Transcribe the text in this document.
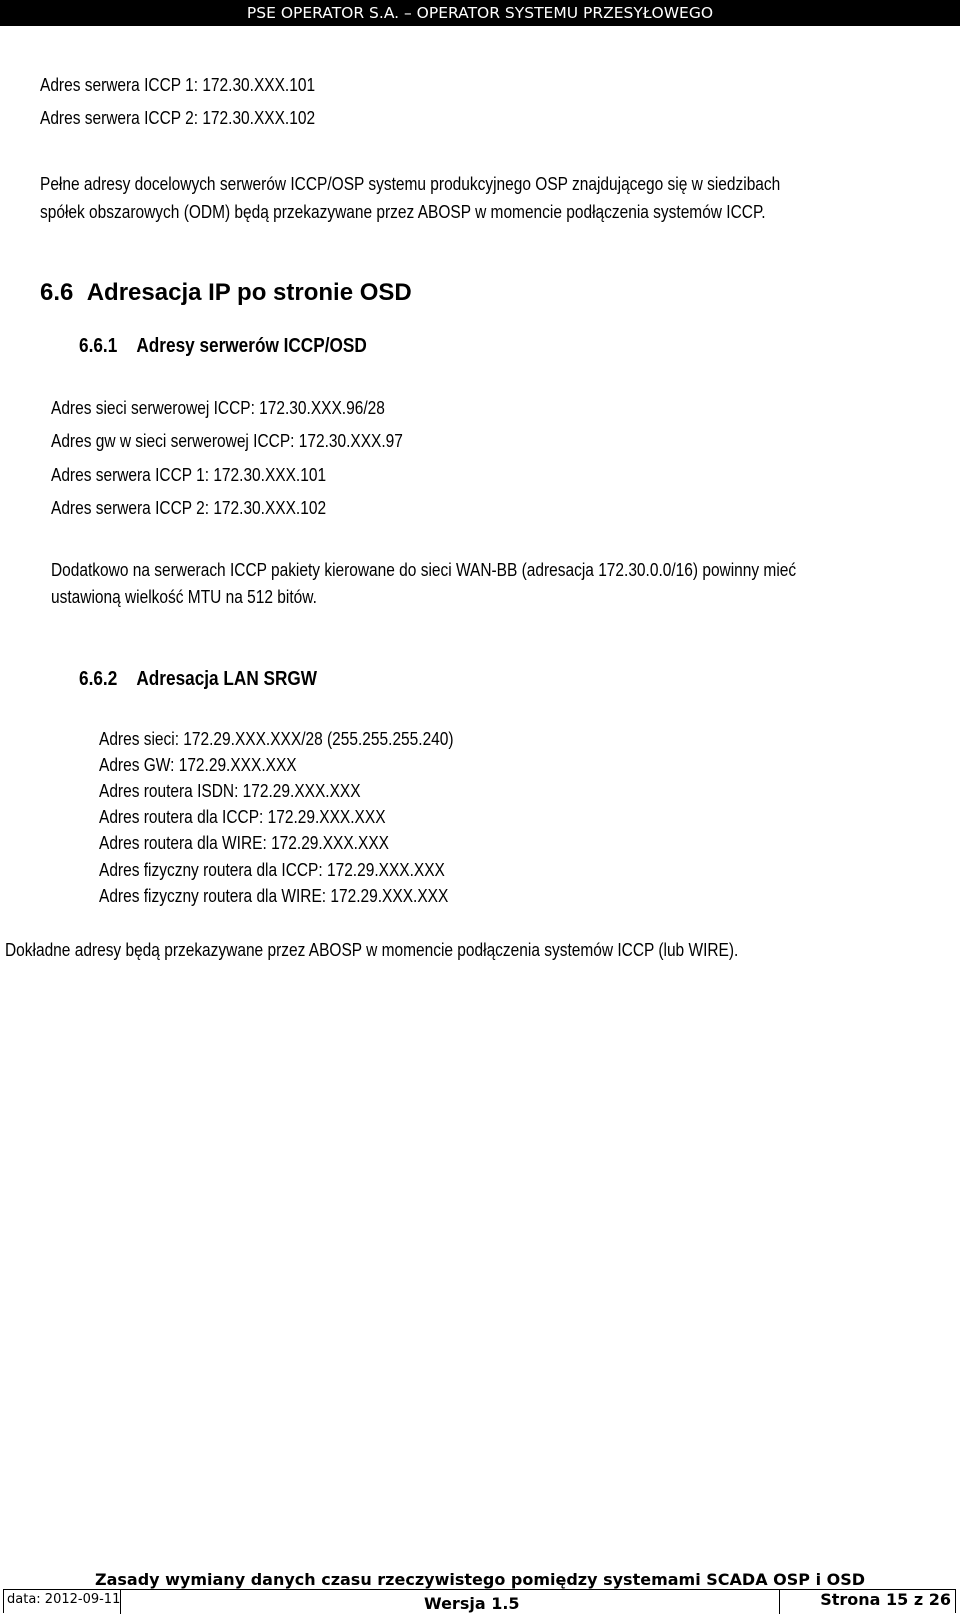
PSE OPERATOR S.A. – OPERATOR SYSTEMU PRZESYŁOWEGO
Adres serwera ICCP 1: 172.30.XXX.101
Adres serwera ICCP 2: 172.30.XXX.102
Pełne adresy docelowych serwerów ICCP/OSP systemu produkcyjnego OSP znajdującego się w siedzibach
spółek obszarowych (ODM) będą przekazywane przez ABOSP w momencie podłączenia systemów ICCP.
6.6 Adresacja IP po stronie OSD
6.6.1 Adresy serwerów ICCP/OSD
Adres sieci serwerowej ICCP: 172.30.XXX.96/28
Adres gw w sieci serwerowej ICCP: 172.30.XXX.97
Adres serwera ICCP 1: 172.30.XXX.101
Adres serwera ICCP 2: 172.30.XXX.102
Dodatkowo na serwerach ICCP pakiety kierowane do sieci WAN-BB (adresacja 172.30.0.0/16) powinny mieć
ustawioną wielkość MTU na 512 bitów.
6.6.2 Adresacja LAN SRGW
Adres sieci: 172.29.XXX.XXX/28 (255.255.255.240)
Adres GW: 172.29.XXX.XXX
Adres routera ISDN: 172.29.XXX.XXX
Adres routera dla ICCP: 172.29.XXX.XXX
Adres routera dla WIRE: 172.29.XXX.XXX
Adres fizyczny routera dla ICCP: 172.29.XXX.XXX
Adres fizyczny routera dla WIRE: 172.29.XXX.XXX
Dokładne adresy będą przekazywane przez ABOSP w momencie podłączenia systemów ICCP (lub WIRE).
Zasady wymiany danych czasu rzeczywistego pomiędzy systemami SCADA OSP i OSD
data: 2012-09-11	Wersja 1.5	Strona 15 z 26
